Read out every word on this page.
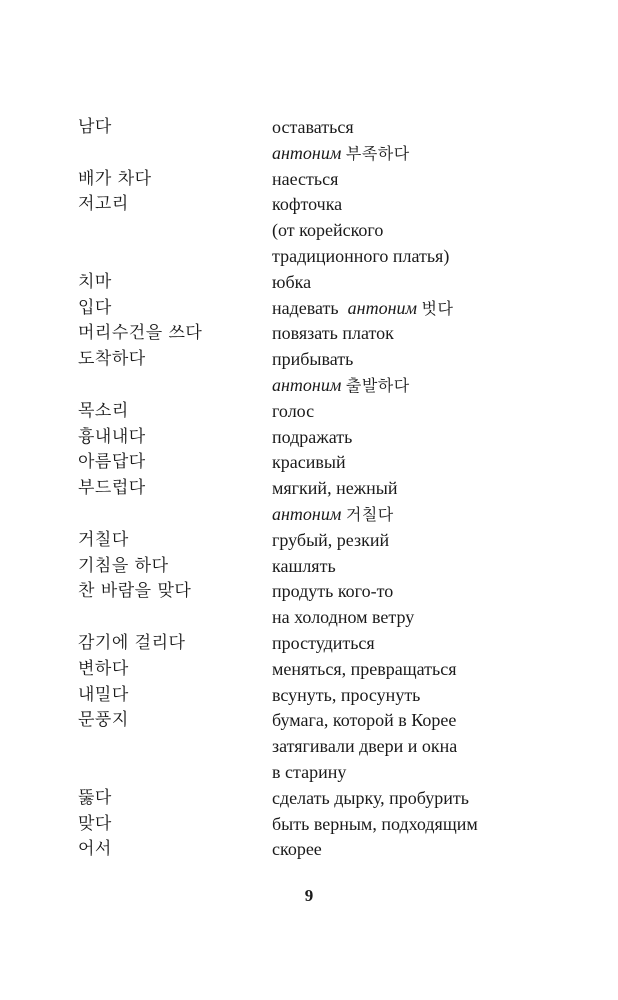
남다	оставаться
антоним 부족하다
배가 차다	наесться
저고리	кофточка
(от корейского
традиционного платья)
치마	юбка
입다	надевать антоним 벗다
머리수건을 쓰다	повязать платок
도착하다	прибывать
антоним 출발하다
목소리	голос
흉내내다	подражать
아름답다	красивый
부드럽다	мягкий, нежный
антоним 거칠다
거칠다	грубый, резкий
기침을 하다	кашлять
찬 바람을 맞다	продуть кого-то
на холодном ветру
감기에 걸리다	простудиться
변하다	меняться, превращаться
내밀다	всунуть, просунуть
문풍지	бумага, которой в Корее
затягивали двери и окна
в старину
뚫다	сделать дырку, пробурить
맞다	быть верным, подходящим
어서	скорее
9
